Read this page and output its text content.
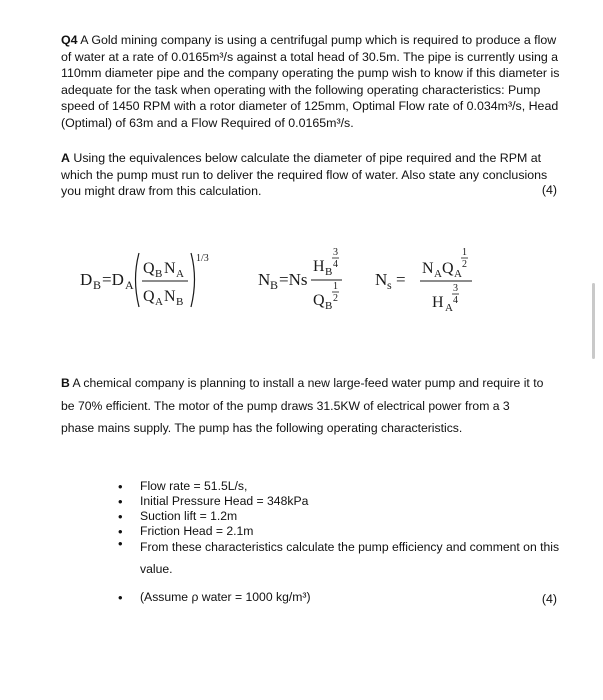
Q4 A Gold mining company is using a centrifugal pump which is required to produce a flow of water at a rate of 0.0165m³/s against a total head of 30.5m. The pipe is currently using a 110mm diameter pipe and the company operating the pump wish to know if this diameter is adequate for the task when operating with the following operating characteristics: Pump speed of 1450 RPM with a rotor diameter of 125mm, Optimal Flow rate of 0.034m³/s, Head (Optimal) of 63m and a Flow Required of 0.0165m³/s.
A Using the equivalences below calculate the diameter of pipe required and the RPM at which the pump must run to deliver the required flow of water. Also state any conclusions you might draw from this calculation.	(4)
D B =D A
Q B N A
Q A N B
1/3
N B =Ns
H B
3
4
Q B
1
2
N s =
N A Q A
1
2
H A
3
4
B A chemical company is planning to install a new large-feed water pump and require it to be 70% efficient. The motor of the pump draws 31.5KW of electrical power from a 3 phase mains supply. The pump has the following operating characteristics.
• Flow rate = 51.5L/s,
• Initial Pressure Head = 348kPa
• Suction lift = 1.2m
• Friction Head = 2.1m
• From these characteristics calculate the pump efficiency and comment on this value.
• (Assume ρ water = 1000 kg/m³)	(4)
